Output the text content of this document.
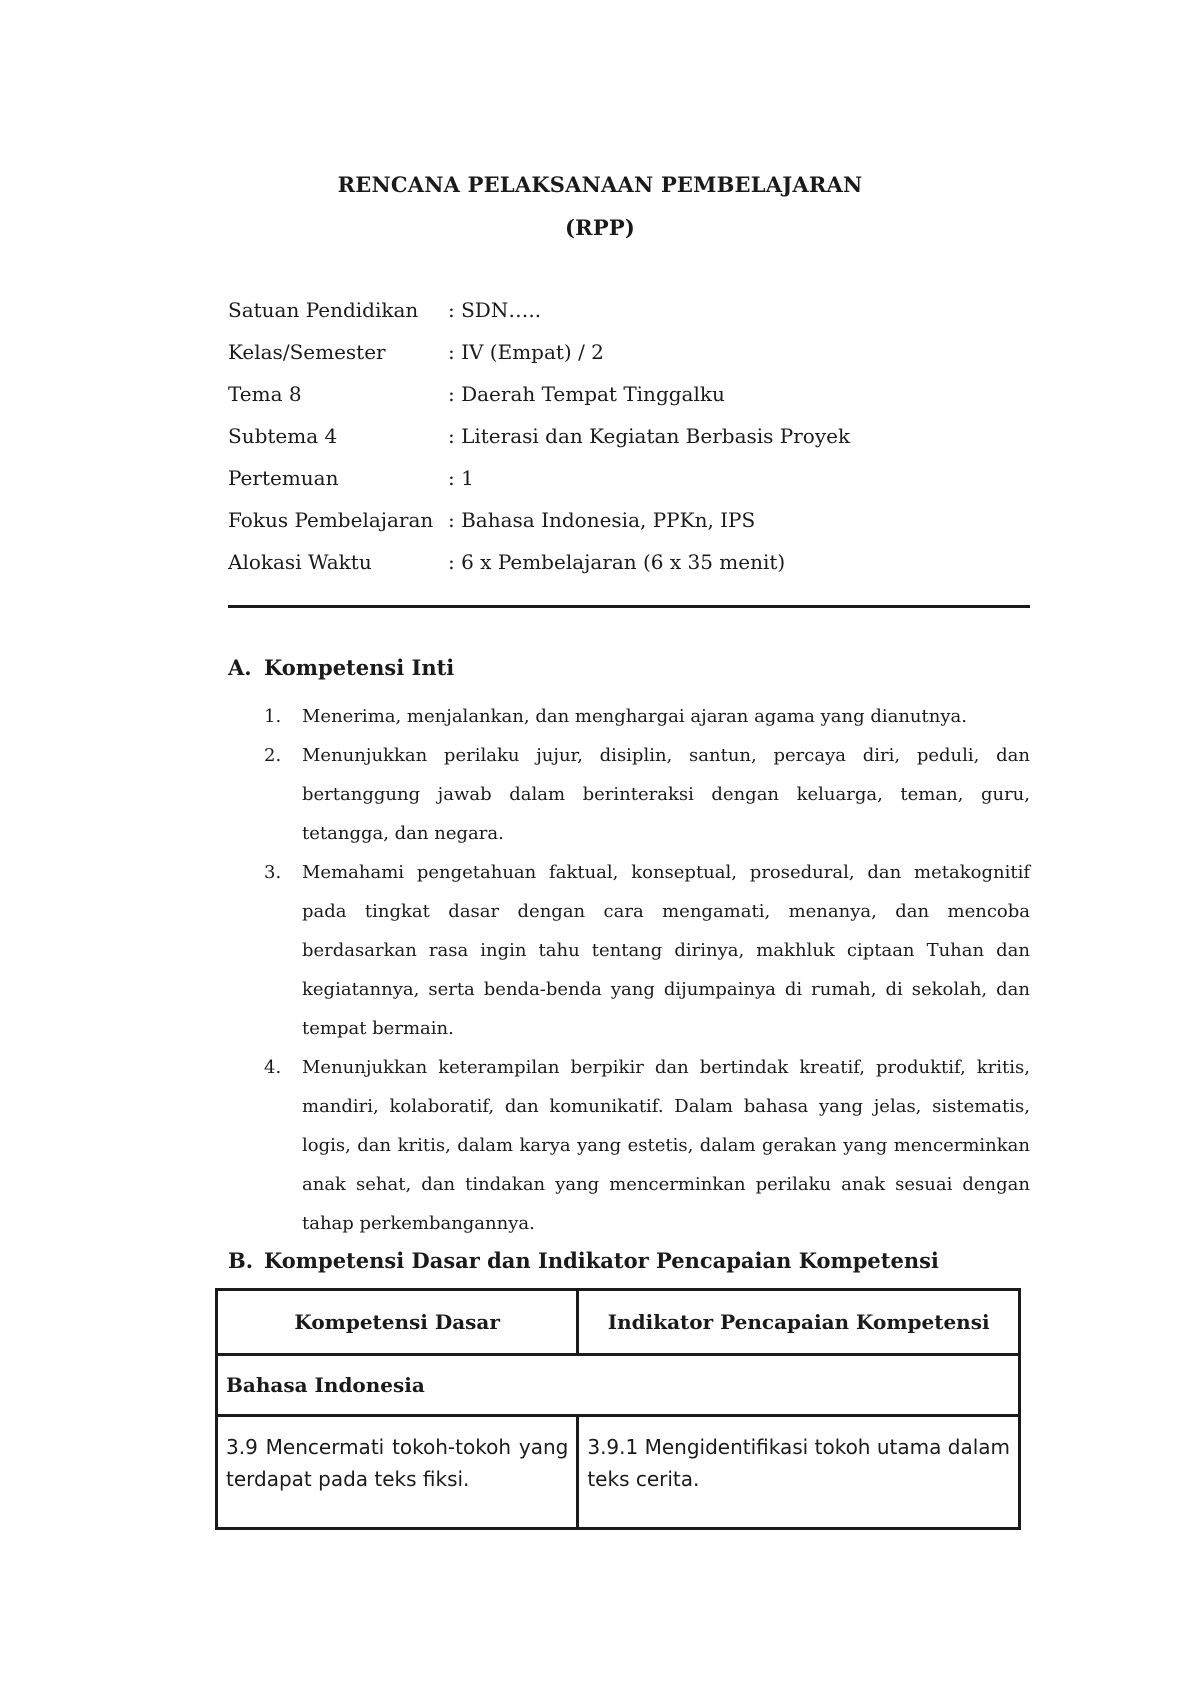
RENCANA PELAKSANAAN PEMBELAJARAN
(RPP)
Satuan Pendidikan : SDN…..
Kelas/Semester	: IV (Empat) / 2
Tema 8	: Daerah Tempat Tinggalku
Subtema 4	: Literasi dan Kegiatan Berbasis Proyek
Pertemuan	: 1
Fokus Pembelajaran : Bahasa Indonesia, PPKn, IPS
Alokasi Waktu	: 6 x Pembelajaran (6 x 35 menit)
A. Kompetensi Inti
1. Menerima, menjalankan, dan menghargai ajaran agama yang dianutnya.
2. Menunjukkan perilaku jujur, disiplin, santun, percaya diri, peduli, dan bertanggung jawab dalam berinteraksi dengan keluarga, teman, guru, tetangga, dan negara.
3. Memahami pengetahuan faktual, konseptual, prosedural, dan metakognitif pada tingkat dasar dengan cara mengamati, menanya, dan mencoba berdasarkan rasa ingin tahu tentang dirinya, makhluk ciptaan Tuhan dan kegiatannya, serta benda-benda yang dijumpainya di rumah, di sekolah, dan tempat bermain.
4. Menunjukkan keterampilan berpikir dan bertindak kreatif, produktif, kritis, mandiri, kolaboratif, dan komunikatif. Dalam bahasa yang jelas, sistematis, logis, dan kritis, dalam karya yang estetis, dalam gerakan yang mencerminkan anak sehat, dan tindakan yang mencerminkan perilaku anak sesuai dengan tahap perkembangannya.
B. Kompetensi Dasar dan Indikator Pencapaian Kompetensi
Kompetensi Dasar	Indikator Pencapaian Kompetensi
Bahasa Indonesia	
3.9 Mencermati tokoh-tokoh yang terdapat pada teks fiksi.	3.9.1 Mengidentifikasi tokoh utama dalam teks cerita.
